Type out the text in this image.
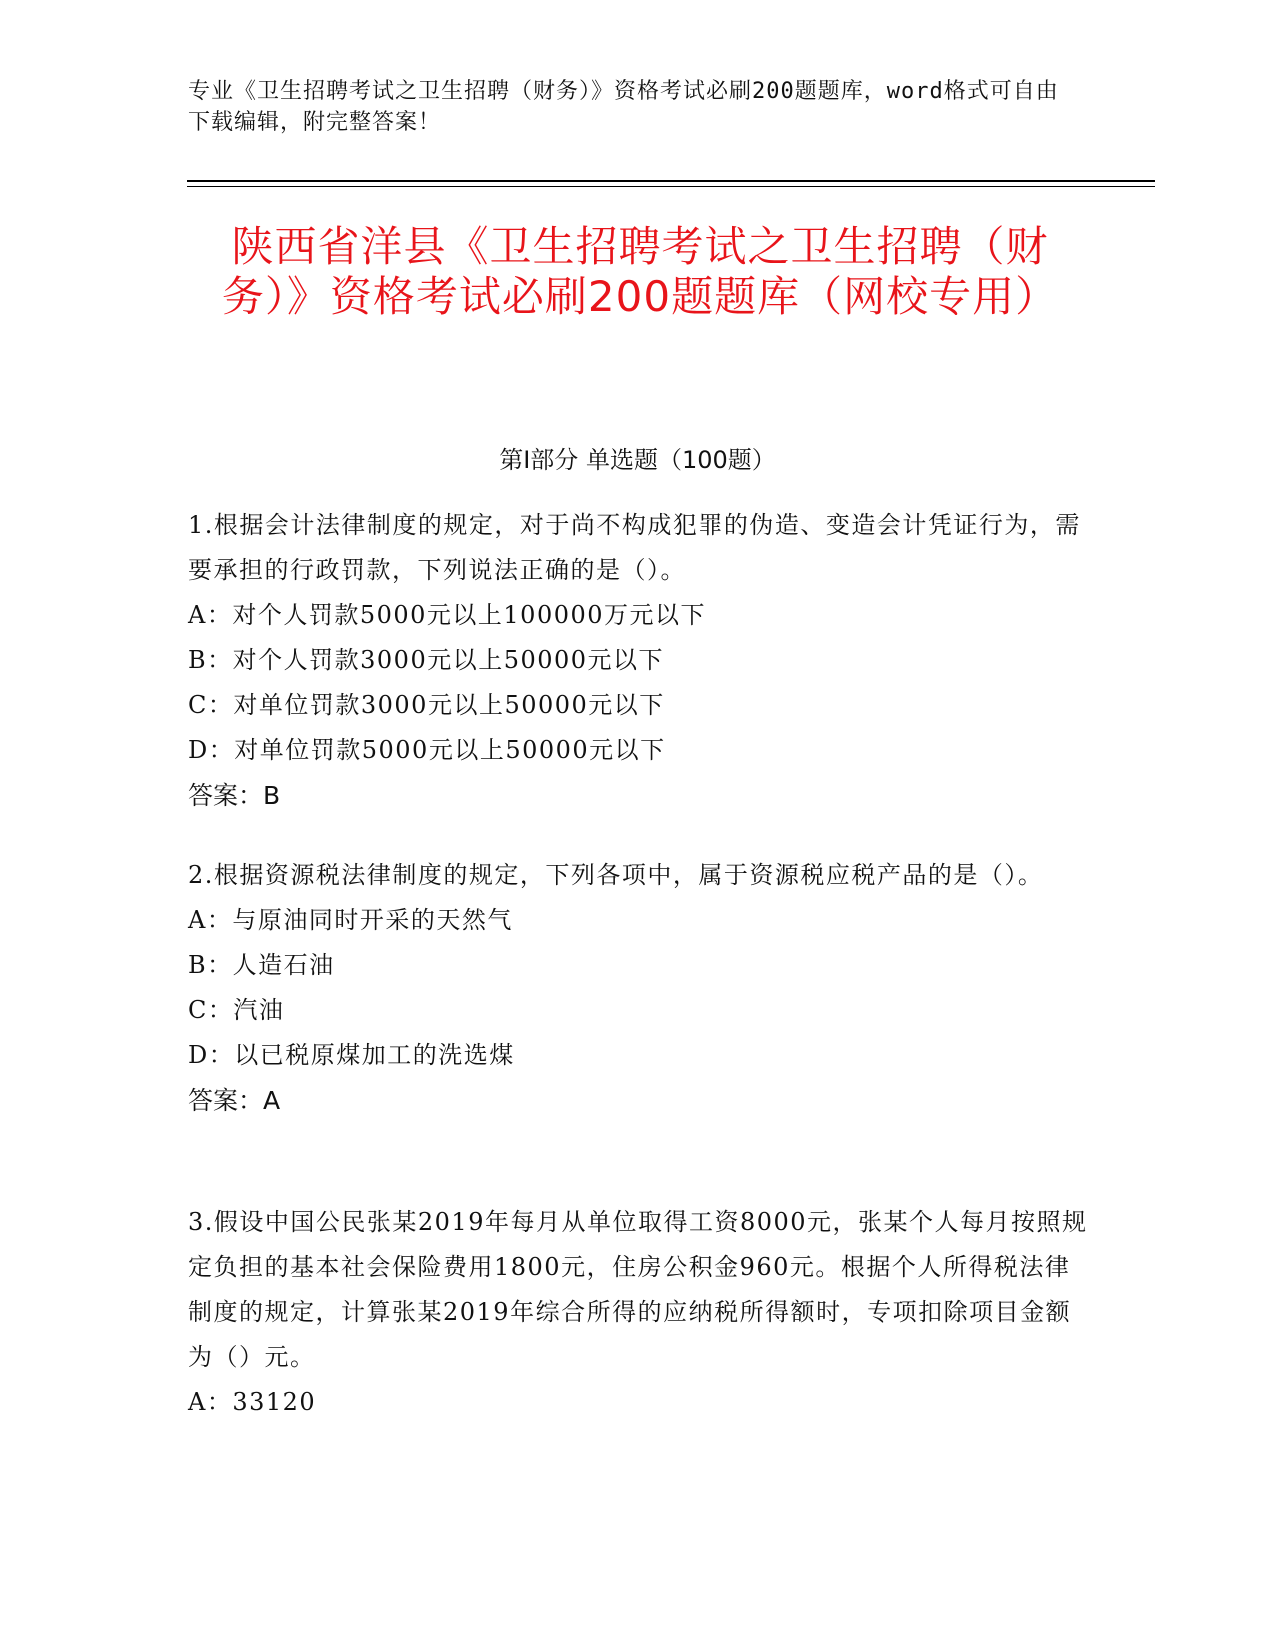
专业《卫生招聘考试之卫生招聘（财务）》资格考试必刷200题题库，word格式可自由下载编辑，附完整答案！
陕西省洋县《卫生招聘考试之卫生招聘（财务）》资格考试必刷200题题库（网校专用）
第I部分 单选题（100题）
1.根据会计法律制度的规定，对于尚不构成犯罪的伪造、变造会计凭证行为，需要承担的行政罚款，下列说法正确的是（）。
A：对个人罚款5000元以上100000万元以下
B：对个人罚款3000元以上50000元以下
C：对单位罚款3000元以上50000元以下
D：对单位罚款5000元以上50000元以下
答案：B
2.根据资源税法律制度的规定，下列各项中，属于资源税应税产品的是（）。
A：与原油同时开采的天然气
B：人造石油
C：汽油
D：以已税原煤加工的洗选煤
答案：A
3.假设中国公民张某2019年每月从单位取得工资8000元，张某个人每月按照规定负担的基本社会保险费用1800元，住房公积金960元。根据个人所得税法律制度的规定，计算张某2019年综合所得的应纳税所得额时，专项扣除项目金额为（）元。
A：33120
